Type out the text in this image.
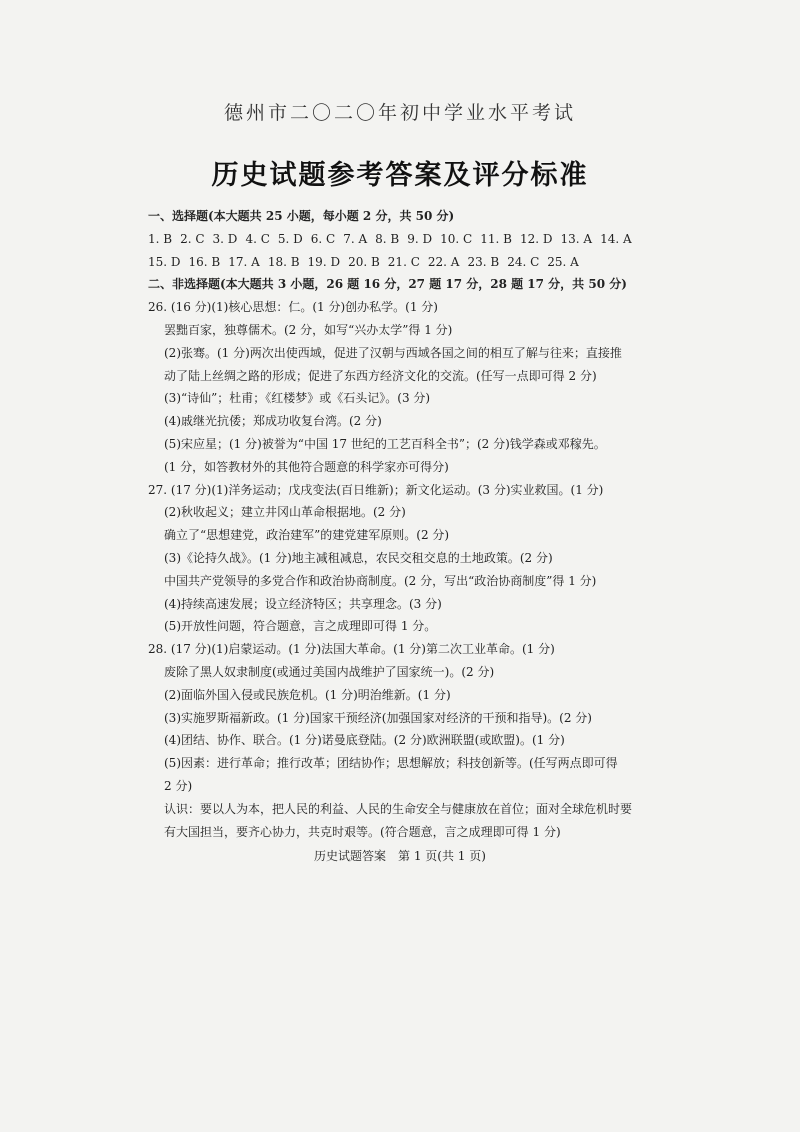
德州市二〇二〇年初中学业水平考试
历史试题参考答案及评分标准
一、选择题(本大题共 25 小题，每小题 2 分，共 50 分)
1. B 2. C 3. D 4. C 5. D 6. C 7. A 8. B 9. D 10. C 11. B 12. D 13. A 14. A
15. D 16. B 17. A 18. B 19. D 20. B 21. C 22. A 23. B 24. C 25. A
二、非选择题(本大题共 3 小题，26 题 16 分，27 题 17 分，28 题 17 分，共 50 分)
26. (16 分)(1)核心思想：仁。(1 分)创办私学。(1 分)
罢黜百家，独尊儒术。(2 分，如写“兴办太学”得 1 分)
(2)张骞。(1 分)两次出使西域，促进了汉朝与西域各国之间的相互了解与往来；直接推
动了陆上丝绸之路的形成；促进了东西方经济文化的交流。(任写一点即可得 2 分)
(3)“诗仙”；杜甫；《红楼梦》或《石头记》。(3 分)
(4)戚继光抗倭；郑成功收复台湾。(2 分)
(5)宋应星；(1 分)被誉为“中国 17 世纪的工艺百科全书”；(2 分)钱学森或邓稼先。
(1 分，如答教材外的其他符合题意的科学家亦可得分)
27. (17 分)(1)洋务运动；戊戌变法(百日维新)；新文化运动。(3 分)实业救国。(1 分)
(2)秋收起义；建立井冈山革命根据地。(2 分)
确立了“思想建党，政治建军”的建党建军原则。(2 分)
(3)《论持久战》。(1 分)地主减租减息，农民交租交息的土地政策。(2 分)
中国共产党领导的多党合作和政治协商制度。(2 分，写出“政治协商制度”得 1 分)
(4)持续高速发展；设立经济特区；共享理念。(3 分)
(5)开放性问题，符合题意，言之成理即可得 1 分。
28. (17 分)(1)启蒙运动。(1 分)法国大革命。(1 分)第二次工业革命。(1 分)
废除了黑人奴隶制度(或通过美国内战维护了国家统一)。(2 分)
(2)面临外国入侵或民族危机。(1 分)明治维新。(1 分)
(3)实施罗斯福新政。(1 分)国家干预经济(加强国家对经济的干预和指导)。(2 分)
(4)团结、协作、联合。(1 分)诺曼底登陆。(2 分)欧洲联盟(或欧盟)。(1 分)
(5)因素：进行革命；推行改革；团结协作；思想解放；科技创新等。(任写两点即可得
2 分)
认识：要以人为本，把人民的利益、人民的生命安全与健康放在首位；面对全球危机时要
有大国担当，要齐心协力，共克时艰等。(符合题意，言之成理即可得 1 分)
历史试题答案　第 1 页(共 1 页)
